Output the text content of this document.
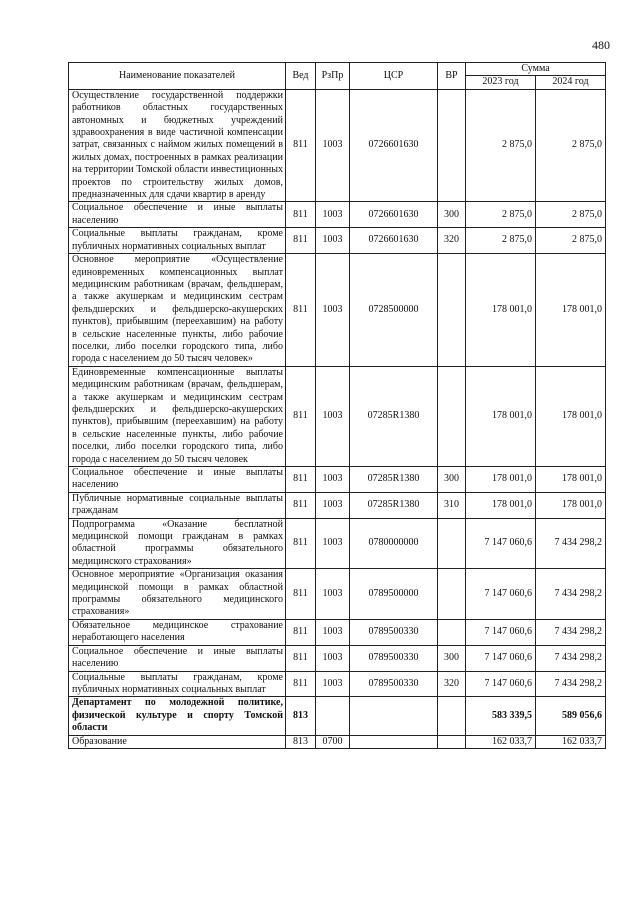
480
Наименование показателей	Вед	РзПр	ЦСР	ВР	Сумма	
					2023 год	2024 год
Осуществление государственной поддержки работников областных государственных автономных и бюджетных учреждений здравоохранения в виде частичной компенсации затрат, связанных с наймом жилых помещений в жилых домах, построенных в рамках реализации на территории Томской области инвестиционных проектов по строительству жилых домов, предназначенных для сдачи квартир в аренду	811	1003	0726601630		2 875,0	2 875,0
Социальное обеспечение и иные выплаты населению	811	1003	0726601630	300	2 875,0	2 875,0
Социальные выплаты гражданам, кроме публичных нормативных социальных выплат	811	1003	0726601630	320	2 875,0	2 875,0
Основное мероприятие «Осуществление единовременных компенсационных выплат медицинским работникам (врачам, фельдшерам, а также акушеркам и медицинским сестрам фельдшерских и фельдшерско-акушерских пунктов), прибывшим (переехавшим) на работу в сельские населенные пункты, либо рабочие поселки, либо поселки городского типа, либо города с населением до 50 тысяч человек»	811	1003	0728500000		178 001,0	178 001,0
Единовременные компенсационные выплаты медицинским работникам (врачам, фельдшерам, а также акушеркам и медицинским сестрам фельдшерских и фельдшерско-акушерских пунктов), прибывшим (переехавшим) на работу в сельские населенные пункты, либо рабочие поселки, либо поселки городского типа, либо города с населением до 50 тысяч человек	811	1003	07285R1380		178 001,0	178 001,0
Социальное обеспечение и иные выплаты населению	811	1003	07285R1380	300	178 001,0	178 001,0
Публичные нормативные социальные выплаты гражданам	811	1003	07285R1380	310	178 001,0	178 001,0
Подпрограмма «Оказание бесплатной медицинской помощи гражданам в рамках областной программы обязательного медицинского страхования»	811	1003	0780000000		7 147 060,6	7 434 298,2
Основное мероприятие «Организация оказания медицинской помощи в рамках областной программы обязательного медицинского страхования»	811	1003	0789500000		7 147 060,6	7 434 298,2
Обязательное медицинское страхование неработающего населения	811	1003	0789500330		7 147 060,6	7 434 298,2
Социальное обеспечение и иные выплаты населению	811	1003	0789500330	300	7 147 060,6	7 434 298,2
Социальные выплаты гражданам, кроме публичных нормативных социальных выплат	811	1003	0789500330	320	7 147 060,6	7 434 298,2
Департамент по молодежной политике, физической культуре и спорту Томской области	813				583 339,5	589 056,6
Образование	813	0700			162 033,7	162 033,7
